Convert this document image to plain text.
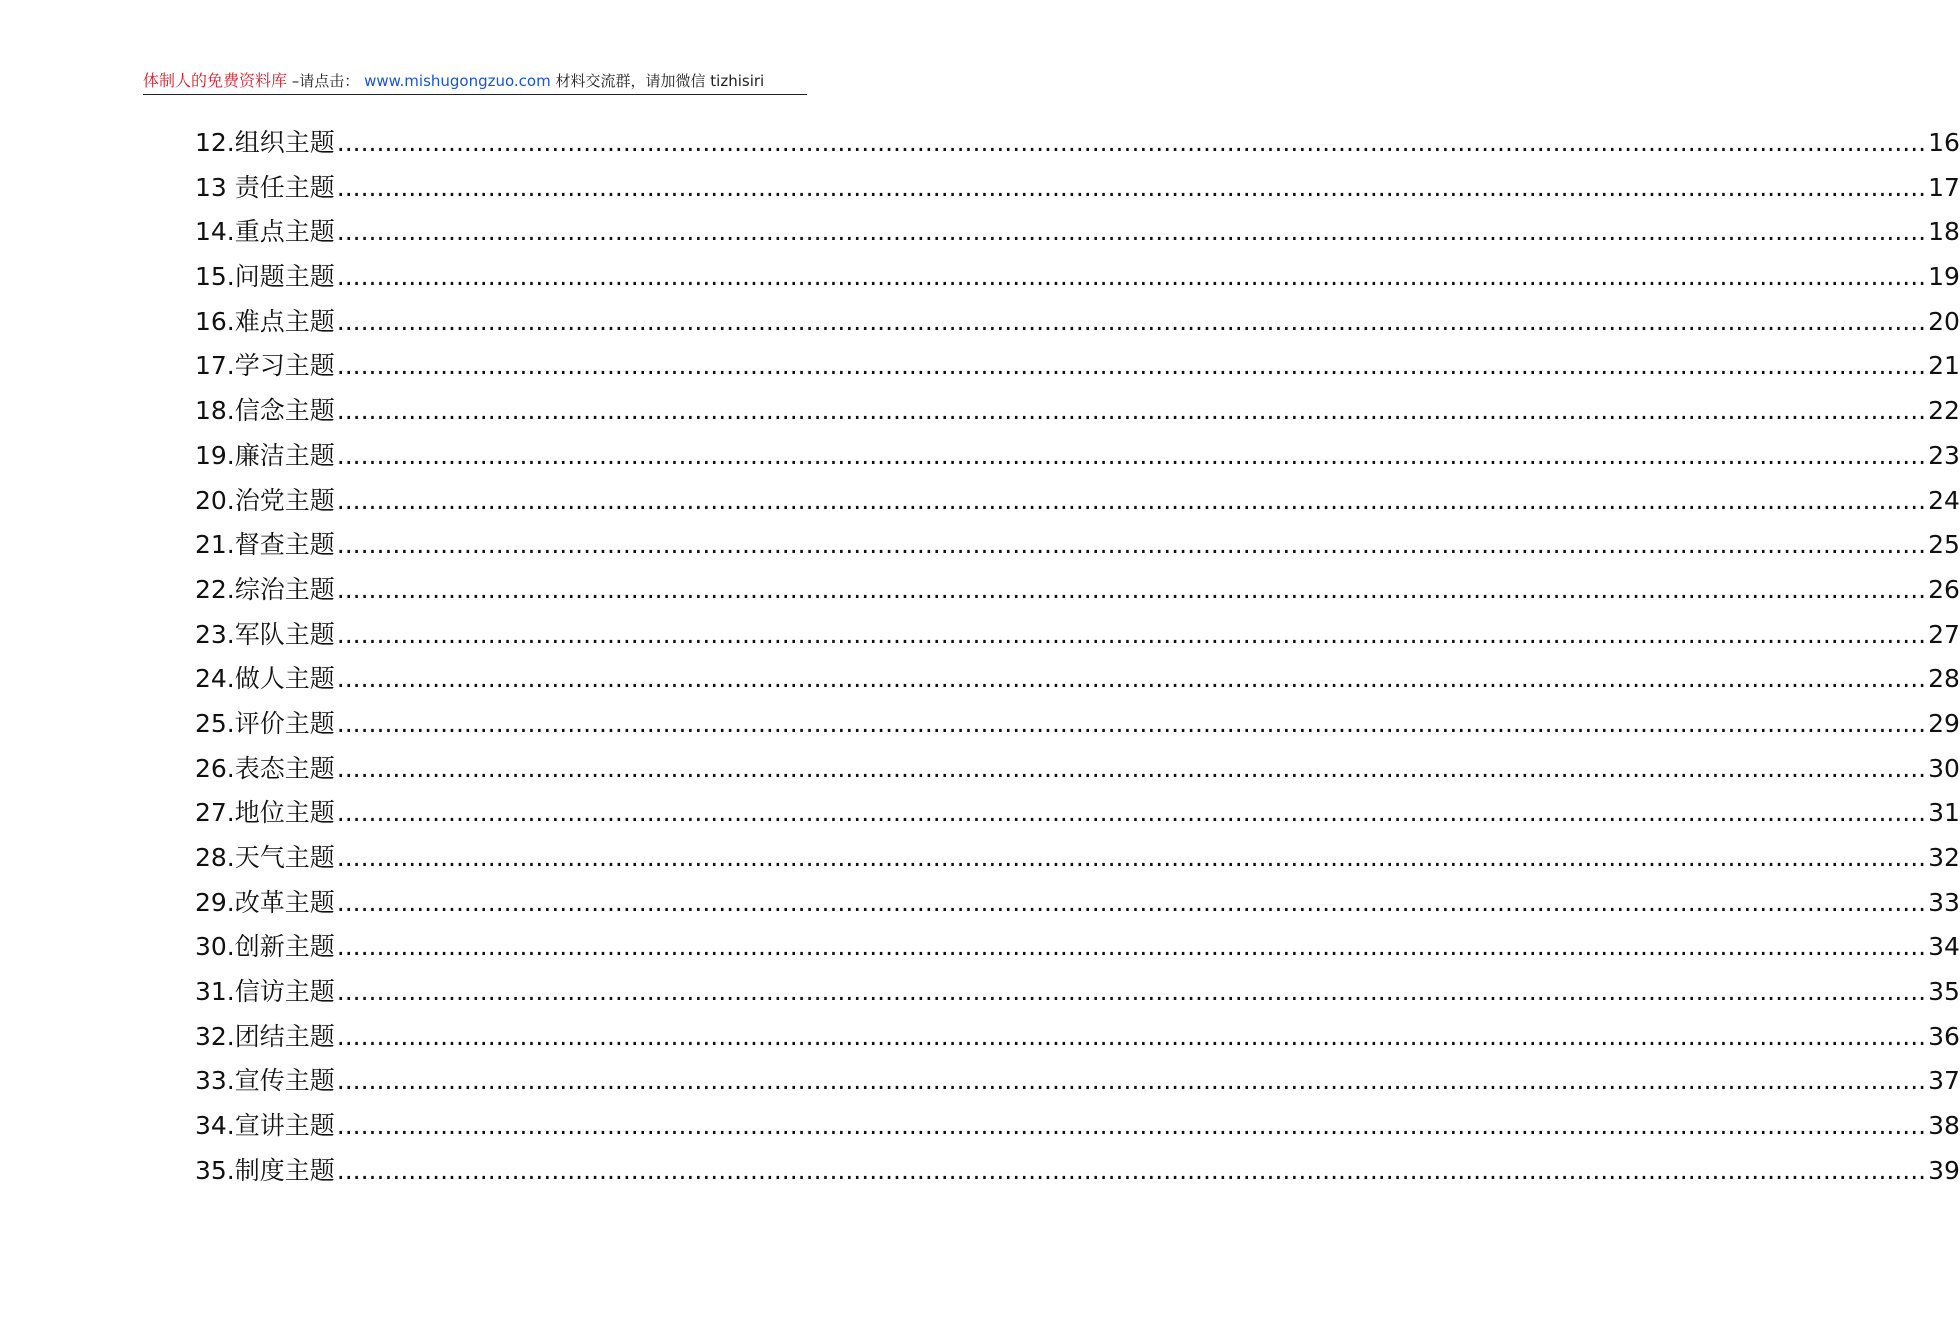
体制人的免费资料库 –请点击： www.mishugongzuo.com 材料交流群，请加微信 tizhisiri
12.组织主题 ........................................................................................................................................................................................................ 16
13 责任主题 ........................................................................................................................................................................................................ 17
14.重点主题 ........................................................................................................................................................................................................ 18
15.问题主题 ........................................................................................................................................................................................................ 19
16.难点主题 ........................................................................................................................................................................................................ 20
17.学习主题 ........................................................................................................................................................................................................ 21
18.信念主题 ........................................................................................................................................................................................................ 22
19.廉洁主题 ........................................................................................................................................................................................................ 23
20.治党主题 ........................................................................................................................................................................................................ 24
21.督查主题 ........................................................................................................................................................................................................ 25
22.综治主题 ........................................................................................................................................................................................................ 26
23.军队主题 ........................................................................................................................................................................................................ 27
24.做人主题 ........................................................................................................................................................................................................ 28
25.评价主题 ........................................................................................................................................................................................................ 29
26.表态主题 ........................................................................................................................................................................................................ 30
27.地位主题 ........................................................................................................................................................................................................ 31
28.天气主题 ........................................................................................................................................................................................................ 32
29.改革主题 ........................................................................................................................................................................................................ 33
30.创新主题 ........................................................................................................................................................................................................ 34
31.信访主题 ........................................................................................................................................................................................................ 35
32.团结主题 ........................................................................................................................................................................................................ 36
33.宣传主题 ........................................................................................................................................................................................................ 37
34.宣讲主题 ........................................................................................................................................................................................................ 38
35.制度主题 ........................................................................................................................................................................................................ 39
